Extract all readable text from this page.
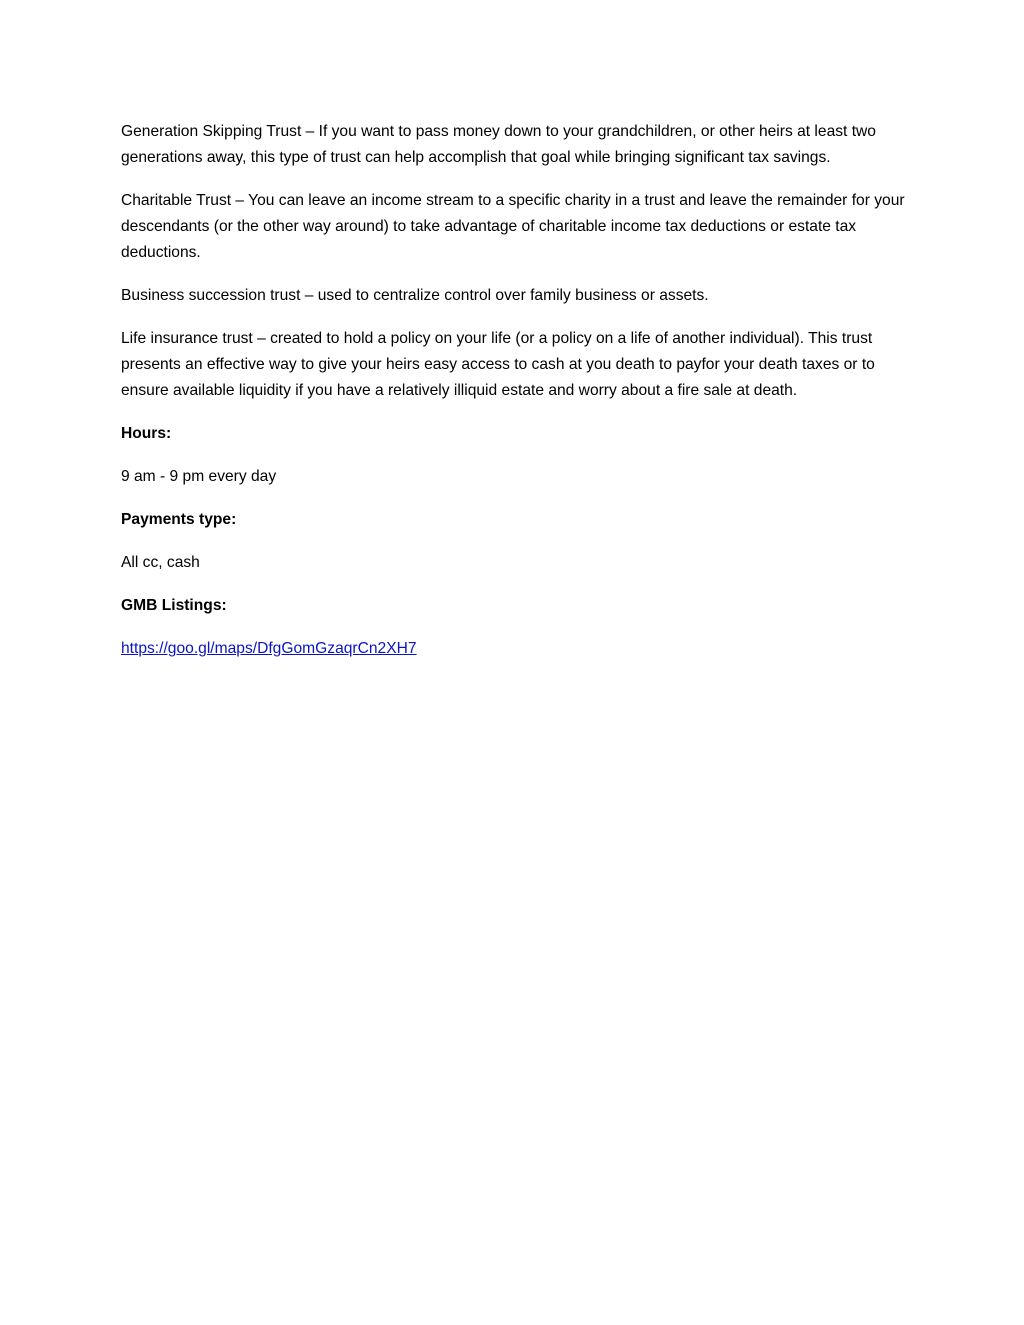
Generation Skipping Trust – If you want to pass money down to your grandchildren, or other heirs at least two generations away, this type of trust can help accomplish that goal while bringing significant tax savings.

Charitable Trust – You can leave an income stream to a specific charity in a trust and leave the remainder for your descendants (or the other way around) to take advantage of charitable income tax deductions or estate tax deductions.

Business succession trust – used to centralize control over family business or assets.

Life insurance trust – created to hold a policy on your life (or a policy on a life of another individual). This trust presents an effective way to give your heirs easy access to cash at you death to payfor your death taxes or to ensure available liquidity if you have a relatively illiquid estate and worry about a fire sale at death.

Hours:

9 am - 9 pm every day

Payments type:

All cc, cash

GMB Listings:

https://goo.gl/maps/DfgGomGzaqrCn2XH7
